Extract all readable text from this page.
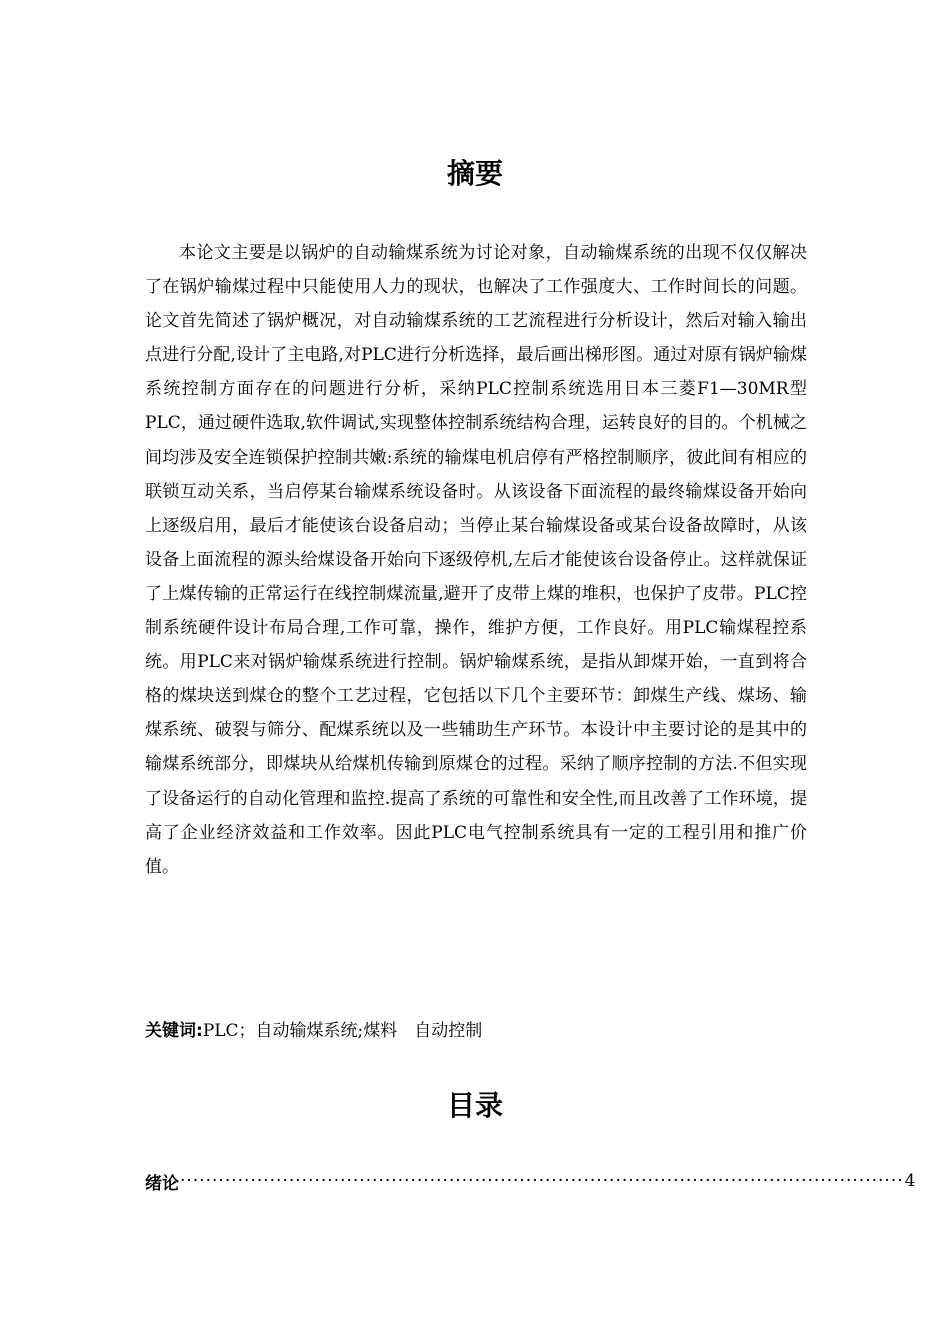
摘要

本论文主要是以锅炉的自动输煤系统为讨论对象，自动输煤系统的出现不仅仅解决了在锅炉输煤过程中只能使用人力的现状，也解决了工作强度大、工作时间长的问题。论文首先简述了锅炉概况，对自动输煤系统的工艺流程进行分析设计，然后对输入输出点进行分配,设计了主电路,对PLC进行分析选择，最后画出梯形图。通过对原有锅炉输煤系统控制方面存在的问题进行分析，采纳PLC控制系统选用日本三菱F1—30MR型PLC，通过硬件选取,软件调试,实现整体控制系统结构合理，运转良好的目的。个机械之间均涉及安全连锁保护控制共嫩:系统的输煤电机启停有严格控制顺序，彼此间有相应的联锁互动关系，当启停某台输煤系统设备时。从该设备下面流程的最终输煤设备开始向上逐级启用，最后才能使该台设备启动；当停止某台输煤设备或某台设备故障时，从该设备上面流程的源头给煤设备开始向下逐级停机,左后才能使该台设备停止。这样就保证了上煤传输的正常运行在线控制煤流量,避开了皮带上煤的堆积，也保护了皮带。PLC控制系统硬件设计布局合理,工作可靠，操作，维护方便，工作良好。用PLC输煤程控系统。用PLC来对锅炉输煤系统进行控制。锅炉输煤系统，是指从卸煤开始，一直到将合格的煤块送到煤仓的整个工艺过程，它包括以下几个主要环节：卸煤生产线、煤场、输煤系统、破裂与筛分、配煤系统以及一些辅助生产环节。本设计中主要讨论的是其中的输煤系统部分，即煤块从给煤机传输到原煤仓的过程。采纳了顺序控制的方法.不但实现了设备运行的自动化管理和监控.提高了系统的可靠性和安全性,而且改善了工作环境，提高了企业经济效益和工作效率。因此PLC电气控制系统具有一定的工程引用和推广价值。

关键词:PLC；自动输煤系统;煤料　自动控制
目录
绪论 ················································································································· 4
